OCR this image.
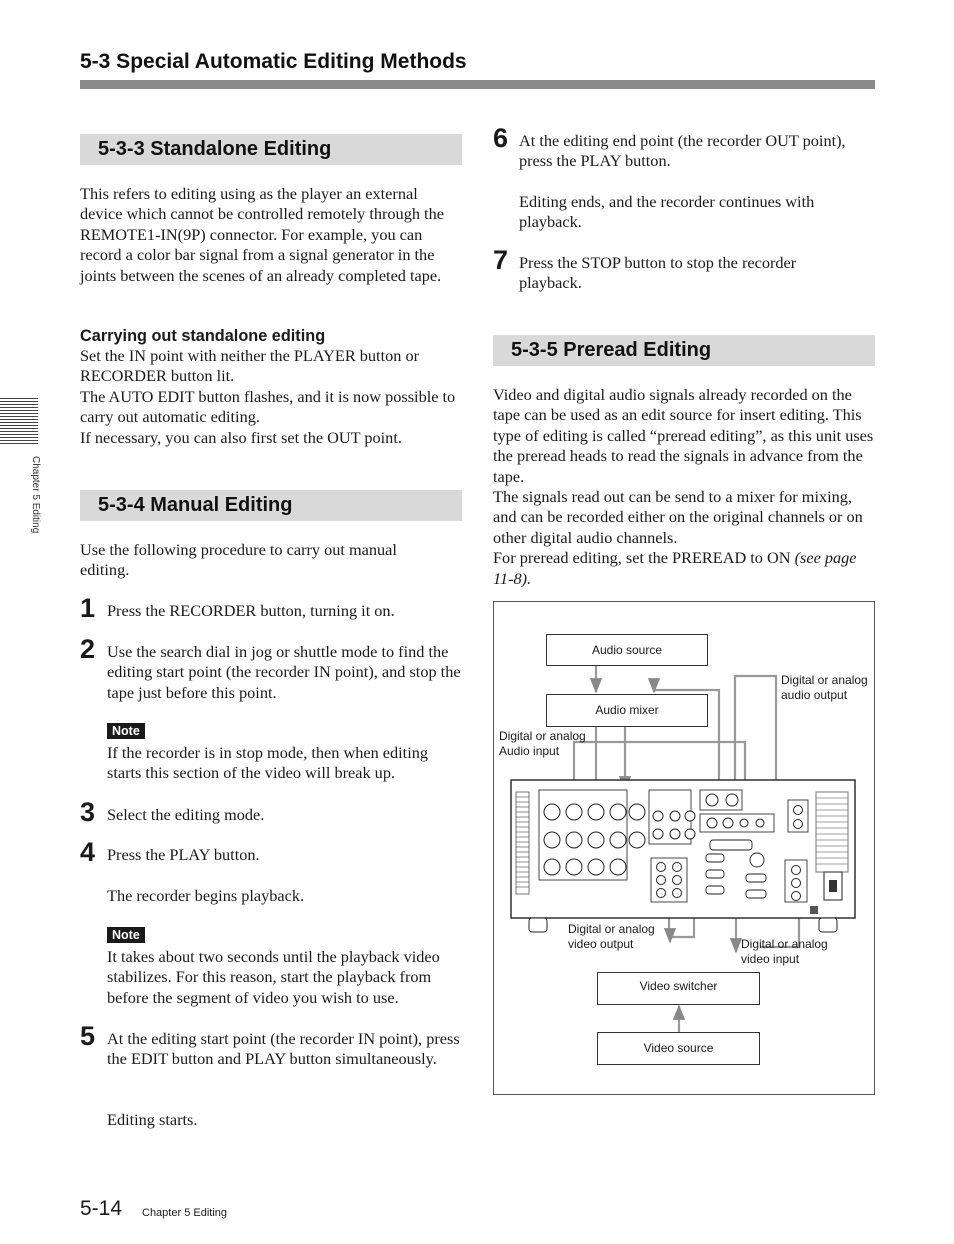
5-3 Special Automatic Editing Methods
Chapter 5 Editing
5-3-3 Standalone Editing
This refers to editing using as the player an external device which cannot be controlled remotely through the REMOTE1-IN(9P) connector. For example, you can record a color bar signal from a signal generator in the joints between the scenes of an already completed tape.
Carrying out standalone editing
Set the IN point with neither the PLAYER button or RECORDER button lit.
The AUTO EDIT button flashes, and it is now possible to carry out automatic editing.
If necessary, you can also first set the OUT point.
5-3-4 Manual Editing
Use the following procedure to carry out manual editing.
1 Press the RECORDER button, turning it on.
2 Use the search dial in jog or shuttle mode to find the editing start point (the recorder IN point), and stop the tape just before this point.
Note
If the recorder is in stop mode, then when editing starts this section of the video will break up.
3 Select the editing mode.
4 Press the PLAY button.
The recorder begins playback.
Note
It takes about two seconds until the playback video stabilizes. For this reason, start the playback from before the segment of video you wish to use.
5 At the editing start point (the recorder IN point), press the EDIT button and PLAY button simultaneously.
Editing starts.
6 At the editing end point (the recorder OUT point), press the PLAY button.
Editing ends, and the recorder continues with playback.
7 Press the STOP button to stop the recorder playback.
5-3-5 Preread Editing
Video and digital audio signals already recorded on the tape can be used as an edit source for insert editing. This type of editing is called “preread editing”, as this unit uses the preread heads to read the signals in advance from the tape.
The signals read out can be send to a mixer for mixing, and can be recorded either on the original channels or on other digital audio channels.
For preread editing, set the PREREAD to ON (see page 11-8).
Audio source
Audio mixer
Digital or analog
audio output
Digital or analog
Audio input
Digital or analog
video output	Digital or analog
video input
Video switcher
Video source
5-14 Chapter 5 Editing
